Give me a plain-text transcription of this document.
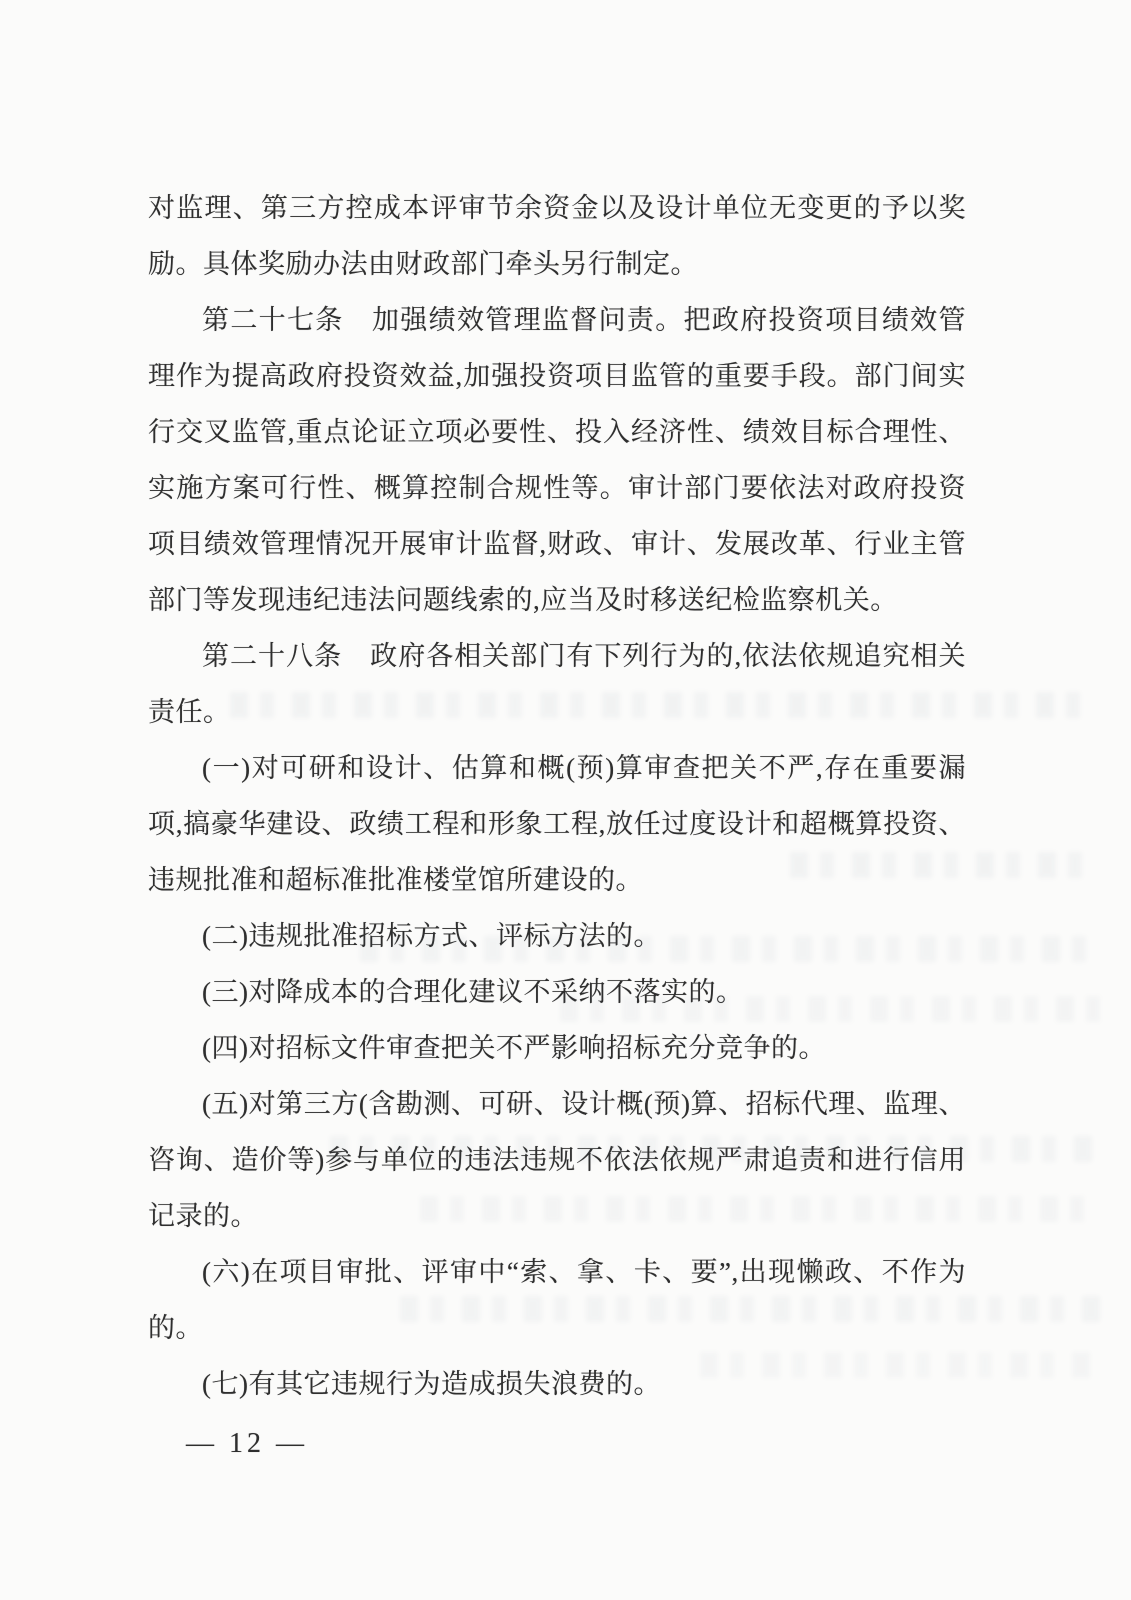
对监理、第三方控成本评审节余资金以及设计单位无变更的予以奖励。具体奖励办法由财政部门牵头另行制定。
第二十七条　加强绩效管理监督问责。把政府投资项目绩效管理作为提高政府投资效益,加强投资项目监管的重要手段。部门间实行交叉监管,重点论证立项必要性、投入经济性、绩效目标合理性、实施方案可行性、概算控制合规性等。审计部门要依法对政府投资项目绩效管理情况开展审计监督,财政、审计、发展改革、行业主管部门等发现违纪违法问题线索的,应当及时移送纪检监察机关。
第二十八条　政府各相关部门有下列行为的,依法依规追究相关责任。
(一)对可研和设计、估算和概(预)算审查把关不严,存在重要漏项,搞豪华建设、政绩工程和形象工程,放任过度设计和超概算投资、违规批准和超标准批准楼堂馆所建设的。
(二)违规批准招标方式、评标方法的。
(三)对降成本的合理化建议不采纳不落实的。
(四)对招标文件审查把关不严影响招标充分竞争的。
(五)对第三方(含勘测、可研、设计概(预)算、招标代理、监理、咨询、造价等)参与单位的违法违规不依法依规严肃追责和进行信用记录的。
(六)在项目审批、评审中“索、拿、卡、要”,出现懒政、不作为的。
(七)有其它违规行为造成损失浪费的。
— 12 —
